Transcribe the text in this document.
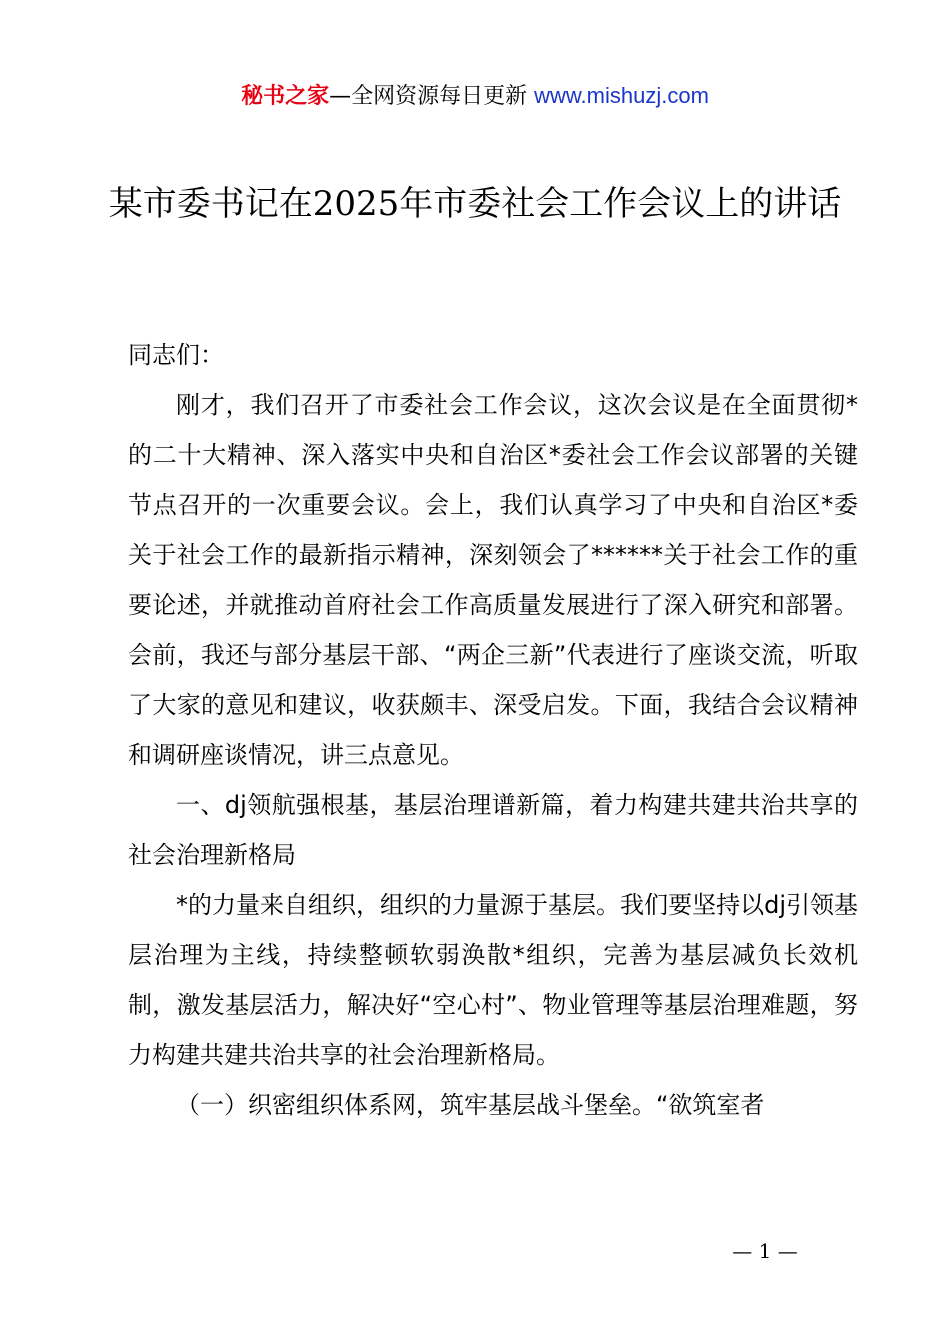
秘书之家—全网资源每日更新 www.mishuzj.com
某市委书记在2025年市委社会工作会议上的讲话

同志们：

刚才，我们召开了市委社会工作会议，这次会议是在全面贯彻*的二十大精神、深入落实中央和自治区*委社会工作会议部署的关键节点召开的一次重要会议。会上，我们认真学习了中央和自治区*委关于社会工作的最新指示精神，深刻领会了******关于社会工作的重要论述，并就推动首府社会工作高质量发展进行了深入研究和部署。会前，我还与部分基层干部、“两企三新”代表进行了座谈交流，听取了大家的意见和建议，收获颇丰、深受启发。下面，我结合会议精神和调研座谈情况，讲三点意见。

一、dj领航强根基，基层治理谱新篇，着力构建共建共治共享的社会治理新格局

*的力量来自组织，组织的力量源于基层。我们要坚持以dj引领基层治理为主线，持续整顿软弱涣散*组织，完善为基层减负长效机制，激发基层活力，解决好“空心村”、物业管理等基层治理难题，努力构建共建共治共享的社会治理新格局。

（一）织密组织体系网，筑牢基层战斗堡垒。“欲筑室者

— 1 —
